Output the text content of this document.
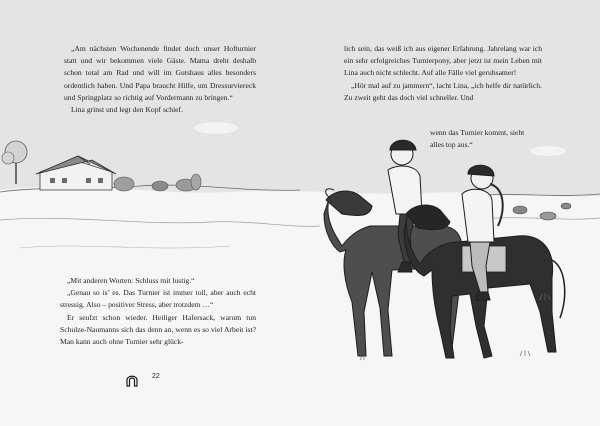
„Am nächsten Wochenende findet doch unser Hofturnier statt und wir bekommen viele Gäste. Mama dreht deshalb schon total am Rad und will im Gutshaus alles besonders ordentlich haben. Und Papa braucht Hilfe, um Dressurviereck und Springplatz so richtig auf Vordermann zu bringen.“

Lina grinst und legt den Kopf schief.

„Mit anderen Worten: Schluss mit lustig.“

„Genau so is’ es. Das Turnier ist immer toll, aber auch echt stressig. Also – positiver Stress, aber trotzdem …“

Er seufzt schon wieder. Heiliger Hafersack, warum tun Schulze-Naumanns sich das denn an, wenn es so viel Arbeit ist? Man kann auch ohne Turnier sehr glück-

lich sein, das weiß ich aus eigener Erfahrung. Jahrelang war ich ein sehr erfolgreiches Turnierpony, aber jetzt ist mein Leben mit Lina auch nicht schlecht. Auf alle Fälle viel geruhsamer!

„Hör mal auf zu jammern“, lacht Lina, „ich helfe dir natürlich. Zu zweit geht das doch viel schneller. Und

wenn das Turnier kommt, sieht

alles top aus.“

22
